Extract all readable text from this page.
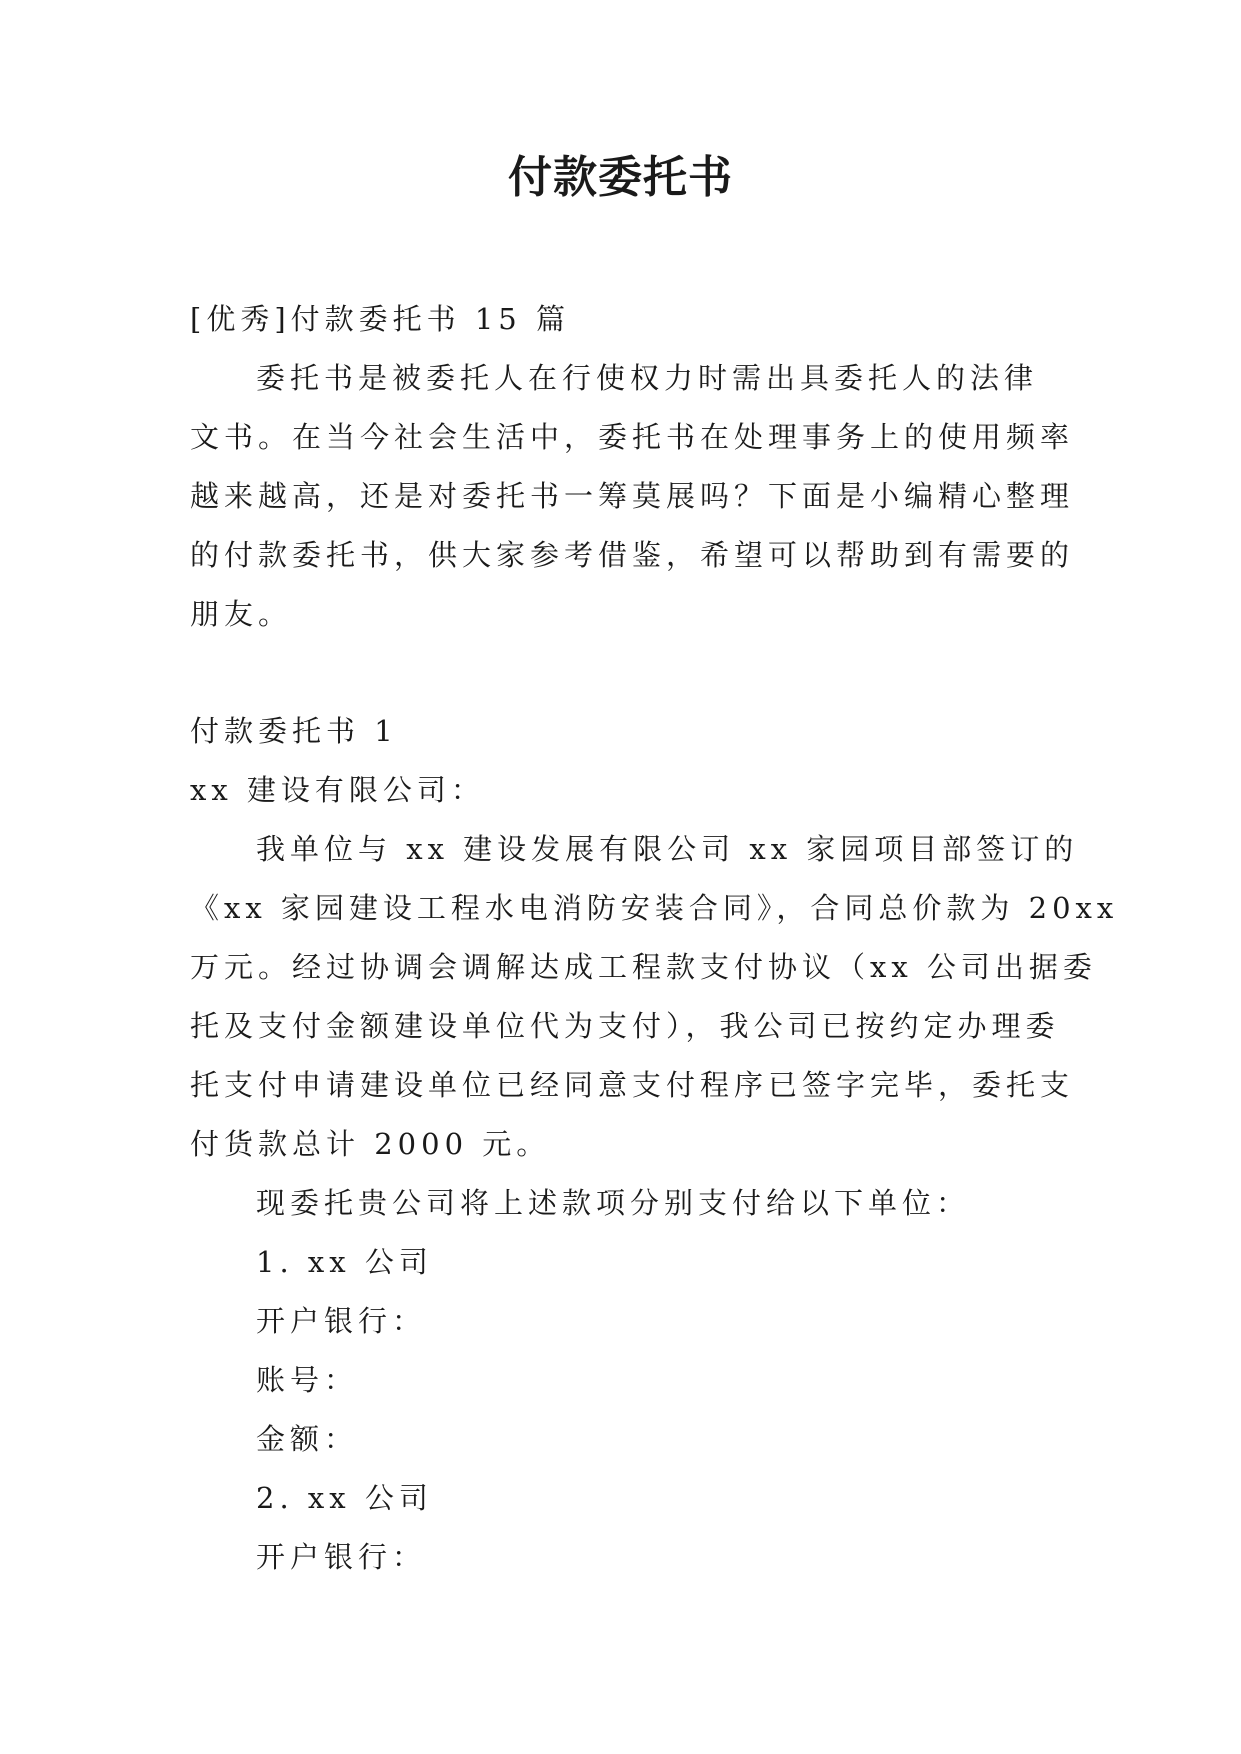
付款委托书
[优秀]付款委托书 15 篇
委托书是被委托人在行使权力时需出具委托人的法律
文书。在当今社会生活中，委托书在处理事务上的使用频率
越来越高，还是对委托书一筹莫展吗？下面是小编精心整理
的付款委托书，供大家参考借鉴，希望可以帮助到有需要的
朋友。
付款委托书 1
xx 建设有限公司：
我单位与 xx 建设发展有限公司 xx 家园项目部签订的
《xx 家园建设工程水电消防安装合同》，合同总价款为 20xx
万元。经过协调会调解达成工程款支付协议（xx 公司出据委
托及支付金额建设单位代为支付），我公司已按约定办理委
托支付申请建设单位已经同意支付程序已签字完毕，委托支
付货款总计 2000 元。
现委托贵公司将上述款项分别支付给以下单位：
1. xx 公司
开户银行：
账号：
金额：
2. xx 公司
开户银行：
